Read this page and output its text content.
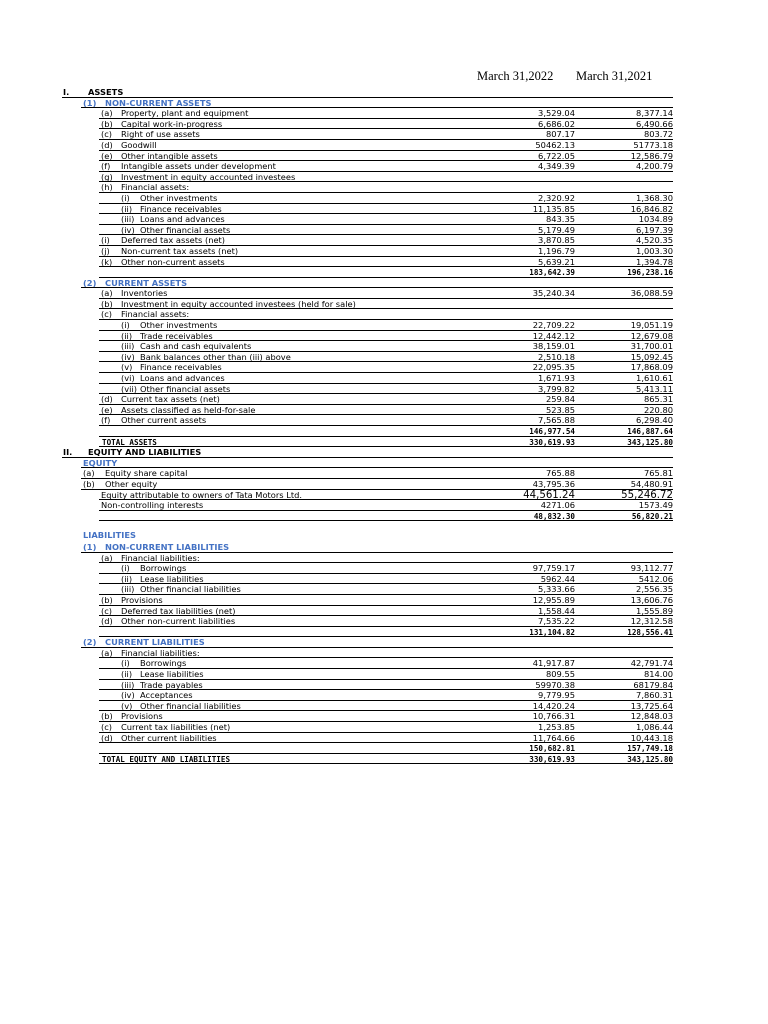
March 31,2022 March 31,2021
I. ASSETS
(1) NON-CURRENT ASSETS
(a) Property, plant and equipment	3,529.04	8,377.14
(b) Capital work-in-progress	6,686.02	6,490.66
(c) Right of use assets	807.17	803.72
(d) Goodwill	50462.13	51773.18
(e) Other intangible assets	6,722.05	12,586.79
(f) Intangible assets under development	4,349.39	4,200.79
(g) Investment in equity accounted investees
(h) Financial assets:
(i) Other investments	2,320.92	1,368.30
(ii) Finance receivables	11,135.85	16,846.82
(iii) Loans and advances	843.35	1034.89
(iv) Other financial assets	5,179.49	6,197.39
(i) Deferred tax assets (net)	3,870.85	4,520.35
(j) Non-current tax assets (net)	1,196.79	1,003.30
(k) Other non-current assets	5,639.21	1,394.78
183,642.39	196,238.16
(2) CURRENT ASSETS
(a) Inventories	35,240.34	36,088.59
(b) Investment in equity accounted investees (held for sale)
(c) Financial assets:
(i) Other investments	22,709.22	19,051.19
(ii) Trade receivables	12,442.12	12,679.08
(iii) Cash and cash equivalents	38,159.01	31,700.01
(iv) Bank balances other than (iii) above	2,510.18	15,092.45
(v) Finance receivables	22,095.35	17,868.09
(vi) Loans and advances	1,671.93	1,610.61
(vii) Other financial assets	3,799.82	5,413.11
(d) Current tax assets (net)	259.84	865.31
(e) Assets classified as held-for-sale	523.85	220.80
(f) Other current assets	7,565.88	6,298.40
146,977.54	146,887.64
TOTAL ASSETS	330,619.93	343,125.80
II. EQUITY AND LIABILITIES
EQUITY
(a) Equity share capital	765.88	765.81
(b) Other equity	43,795.36	54,480.91
Equity attributable to owners of Tata Motors Ltd.	44,561.24	55,246.72
Non-controlling interests	4271.06	1573.49
48,832.30	56,820.21
LIABILITIES
(1) NON-CURRENT LIABILITIES
(a) Financial liabilities:
(i) Borrowings	97,759.17	93,112.77
(ii) Lease liabilities	5962.44	5412.06
(iii) Other financial liabilities	5,333.66	2,556.35
(b) Provisions	12,955.89	13,606.76
(c) Deferred tax liabilities (net)	1,558.44	1,555.89
(d) Other non-current liabilities	7,535.22	12,312.58
131,104.82	128,556.41
(2) CURRENT LIABILITIES
(a) Financial liabilities:
(i) Borrowings	41,917.87	42,791.74
(ii) Lease liabilities	809.55	814.00
(iii) Trade payables	59970.38	68179.84
(iv) Acceptances	9,779.95	7,860.31
(v) Other financial liabilities	14,420.24	13,725.64
(b) Provisions	10,766.31	12,848.03
(c) Current tax liabilities (net)	1,253.85	1,086.44
(d) Other current liabilities	11,764.66	10,443.18
150,682.81	157,749.18
TOTAL EQUITY AND LIABILITIES	330,619.93	343,125.80
